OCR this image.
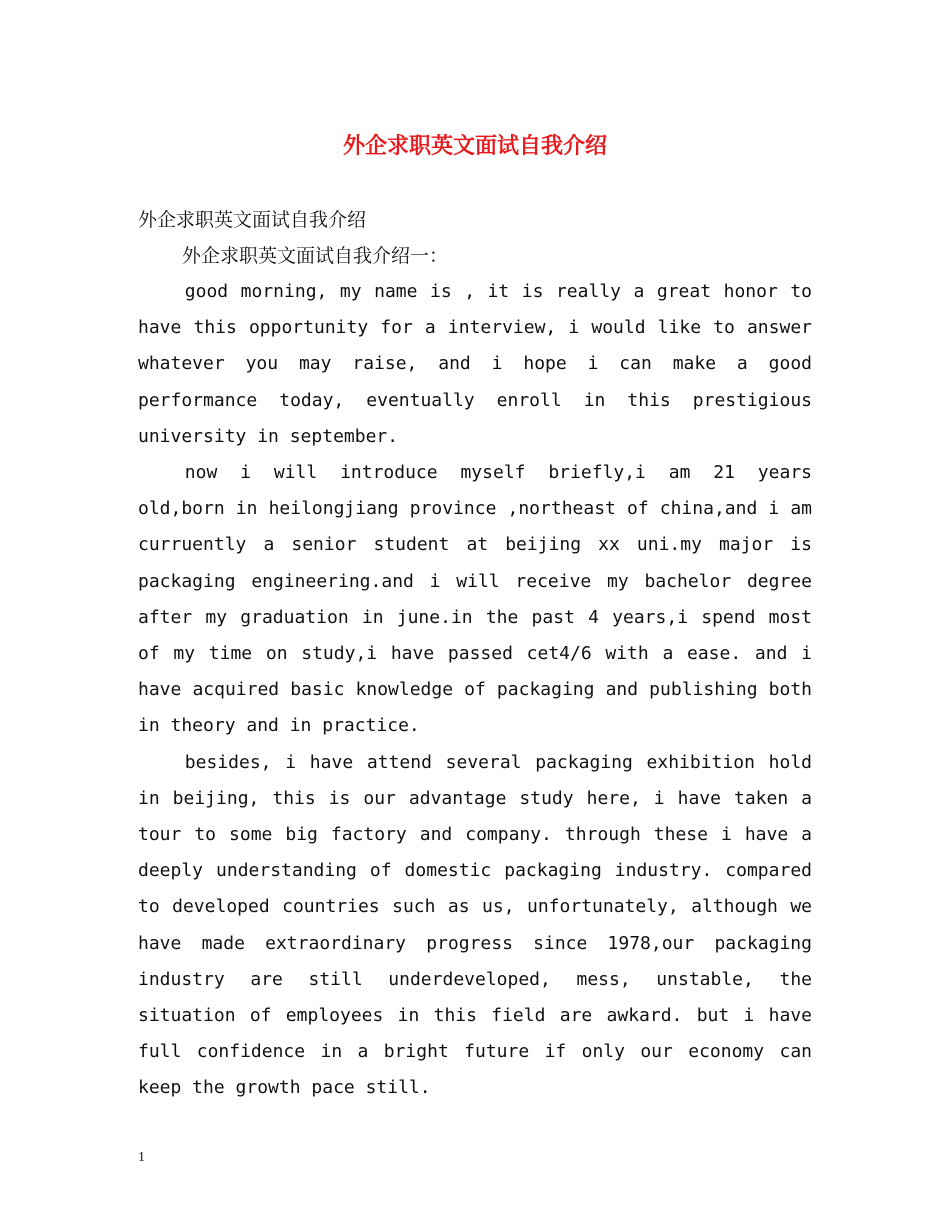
外企求职英文面试自我介绍
外企求职英文面试自我介绍
外企求职英文面试自我介绍一：

good morning, my name is , it is really a great honor to have this opportunity for a interview, i would like to answer whatever you may raise, and i hope i can make a good performance today, eventually enroll in this prestigious university in september.

now i will introduce myself briefly,i am 21 years old,born in heilongjiang province ,northeast of china,and i am curruently a senior student at beijing xx uni.my major is packaging engineering.and i will receive my bachelor degree after my graduation in june.in the past 4 years,i spend most of my time on study,i have passed cet4/6 with a ease. and i have acquired basic knowledge of packaging and publishing both in theory and in practice.

besides, i have attend several packaging exhibition hold in beijing, this is our advantage study here, i have taken a tour to some big factory and company. through these i have a deeply understanding of domestic packaging industry. compared to developed countries such as us, unfortunately, although we have made extraordinary progress since 1978,our packaging industry are still underdeveloped, mess, unstable, the situation of employees in this field are awkard. but i have full confidence in a bright future if only our economy can keep the growth pace still.

1
